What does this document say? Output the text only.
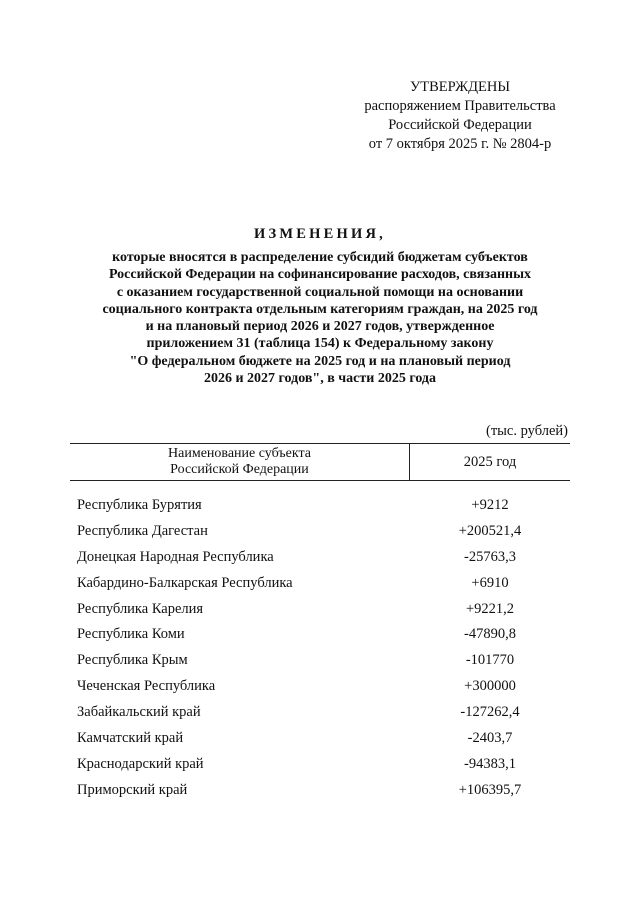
УТВЕРЖДЕНЫ
распоряжением Правительства
Российской Федерации
от 7 октября 2025 г. № 2804-р
ИЗМЕНЕНИЯ,
которые вносятся в распределение субсидий бюджетам субъектов
Российской Федерации на софинансирование расходов, связанных
с оказанием государственной социальной помощи на основании
социального контракта отдельным категориям граждан, на 2025 год
и на плановый период 2026 и 2027 годов, утвержденное
приложением 31 (таблица 154) к Федеральному закону
"О федеральном бюджете на 2025 год и на плановый период
2026 и 2027 годов", в части 2025 года
(тыс. рублей)
Наименование субъекта
Российской Федерации	2025 год
Республика Бурятия	+9212
Республика Дагестан	+200521,4
Донецкая Народная Республика	-25763,3
Кабардино-Балкарская Республика	+6910
Республика Карелия	+9221,2
Республика Коми	-47890,8
Республика Крым	-101770
Чеченская Республика	+300000
Забайкальский край	-127262,4
Камчатский край	-2403,7
Краснодарский край	-94383,1
Приморский край	+106395,7
